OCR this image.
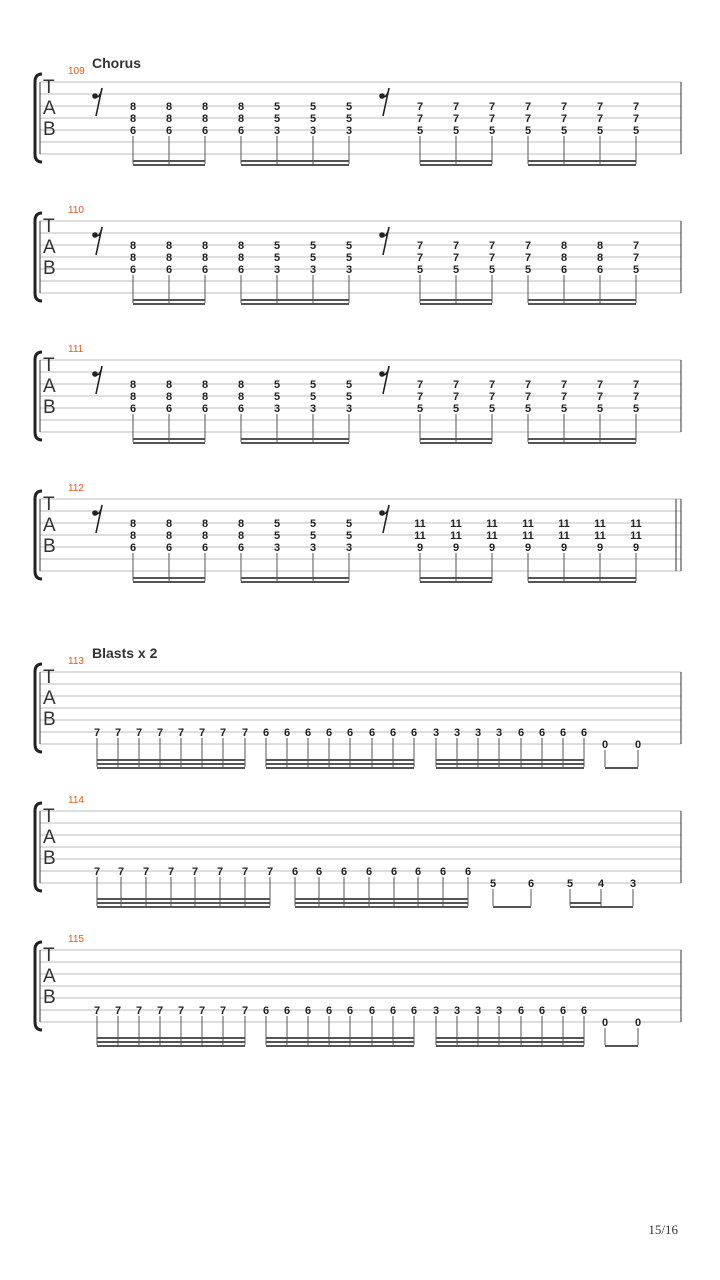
Chorus
Blasts x 2
109
T
A
B
8
8
6
8
8
6
8
8
6
8
8
6
5
5
3
5
5
3
5
5
3
7
7
5
7
7
5
7
7
5
7
7
5
7
7
5
7
7
5
7
7
5
110
T
A
B
8
8
6
8
8
6
8
8
6
8
8
6
5
5
3
5
5
3
5
5
3
7
7
5
7
7
5
7
7
5
7
7
5
8
8
6
8
8
6
7
7
5
111
T
A
B
8
8
6
8
8
6
8
8
6
8
8
6
5
5
3
5
5
3
5
5
3
7
7
5
7
7
5
7
7
5
7
7
5
7
7
5
7
7
5
7
7
5
112
T
A
B
8
8
6
8
8
6
8
8
6
8
8
6
5
5
3
5
5
3
5
5
3
11
11
9
11
11
9
11
11
9
11
11
9
11
11
9
11
11
9
11
11
9
113
T
A
B
7 7 7 7 7 7 7 7 6 6 6 6 6 6 6 6 3 3 3 3 6 6 6 6
0 0
114
T
A
B
7 7 7 7 7 7 7 7 6 6 6 6 6 6 6 6
5	6	5 4 3
115
T
A
B
7 7 7 7 7 7 7 7 6 6 6 6 6 6 6 6 3 3 3 3 6 6 6 6
0 0
15/16
